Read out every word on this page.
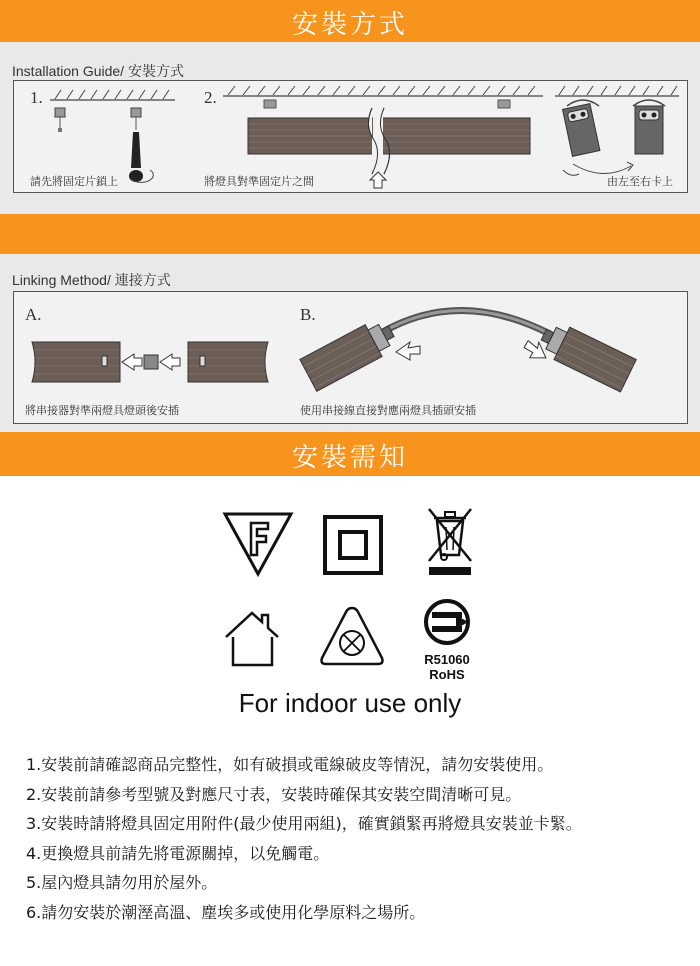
安裝方式
Installation Guide/ 安裝方式
1.	2.
請先將固定片鎖上	將燈具對準固定片之間	由左至右卡上
Linking Method/ 連接方式
A.	B.
將串接器對準兩燈具燈頭後安插	使用串接線直接對應兩燈具插頭安插
安裝需知
R51060
RoHS
For indoor use only
1.安裝前請確認商品完整性，如有破損或電線破皮等情況，請勿安裝使用。
2.安裝前請參考型號及對應尺寸表，安裝時確保其安裝空間清晰可見。
3.安裝時請將燈具固定用附件(最少使用兩組)，確實鎖緊再將燈具安裝並卡緊。
4.更換燈具前請先將電源關掉，以免觸電。
5.屋內燈具請勿用於屋外。
6.請勿安裝於潮溼高溫、塵埃多或使用化學原料之場所。
